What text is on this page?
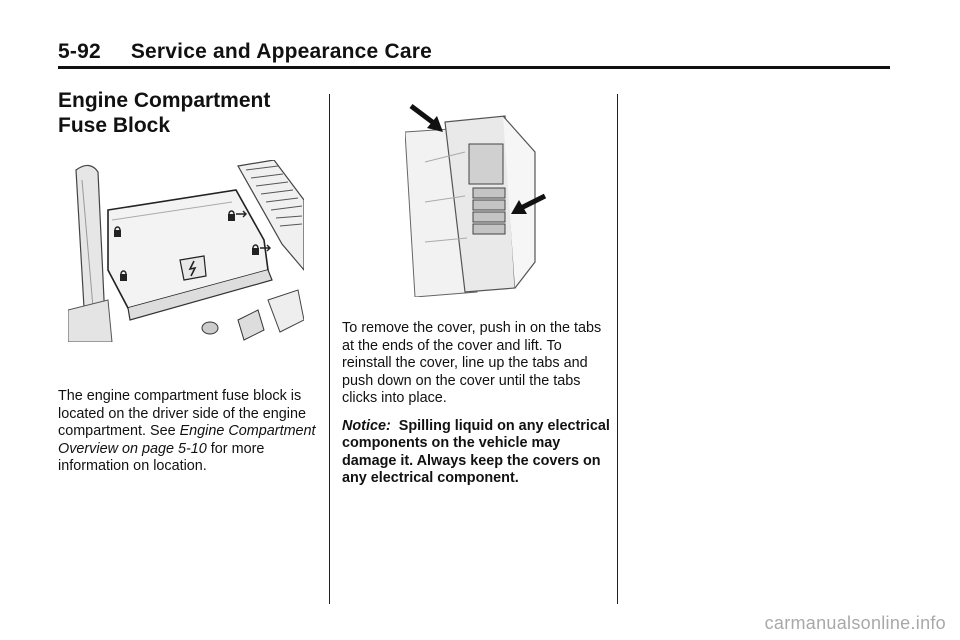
5-92 Service and Appearance Care
Engine Compartment
Fuse Block
The engine compartment fuse block is located on the driver side of the engine compartment. See Engine Compartment Overview on page 5-10 for more information on location.
To remove the cover, push in on the tabs at the ends of the cover and lift. To reinstall the cover, line up the tabs and push down on the cover until the tabs clicks into place.
Notice: Spilling liquid on any electrical components on the vehicle may damage it. Always keep the covers on any electrical component.
carmanualsonline.info
